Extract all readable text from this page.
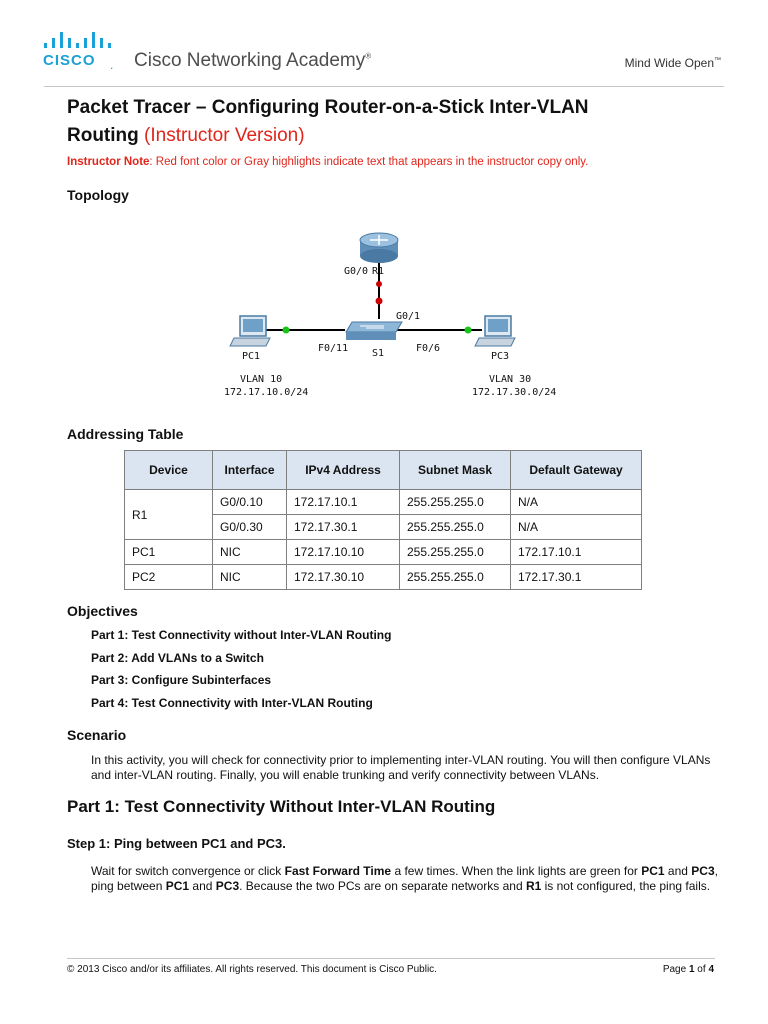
CISCO . Cisco Networking Academy®	Mind Wide Open™
Packet Tracer – Configuring Router-on-a-Stick Inter-VLAN
Routing (Instructor Version)
Instructor Note: Red font color or Gray highlights indicate text that appears in the instructor copy only.
Topology
G0/0 R1
G0/1
F0/11	F0/6
S1
PC1	PC3
VLAN 10
172.17.10.0/24
VLAN 30
172.17.30.0/24
Addressing Table
Device	Interface	IPv4 Address	Subnet Mask	Default Gateway
R1	G0/0.10	172.17.10.1	255.255.255.0	N/A
	G0/0.30	172.17.30.1	255.255.255.0	N/A
PC1	NIC	172.17.10.10	255.255.255.0	172.17.10.1
PC2	NIC	172.17.30.10	255.255.255.0	172.17.30.1
Objectives
Part 1: Test Connectivity without Inter-VLAN Routing
Part 2: Add VLANs to a Switch
Part 3: Configure Subinterfaces
Part 4: Test Connectivity with Inter-VLAN Routing
Scenario
In this activity, you will check for connectivity prior to implementing inter-VLAN routing. You will then configure VLANs and inter-VLAN routing. Finally, you will enable trunking and verify connectivity between VLANs.
Part 1: Test Connectivity Without Inter-VLAN Routing
Step 1: Ping between PC1 and PC3.
Wait for switch convergence or click Fast Forward Time a few times. When the link lights are green for PC1 and PC3, ping between PC1 and PC3. Because the two PCs are on separate networks and R1 is not configured, the ping fails.
© 2013 Cisco and/or its affiliates. All rights reserved. This document is Cisco Public.	Page 1 of 4
